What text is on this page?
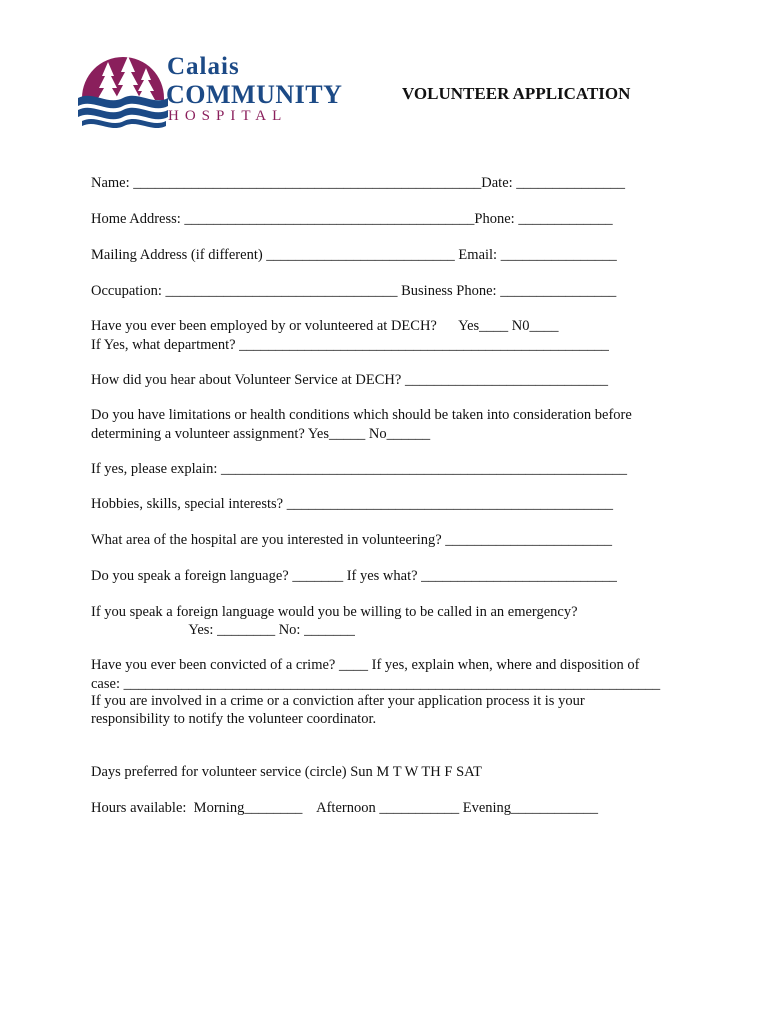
Calais
COMMUNITY
HOSPITAL
VOLUNTEER APPLICATION
Name: ________________________________________________Date: _______________
Home Address: ________________________________________Phone: _____________
Mailing Address (if different) __________________________ Email: ________________
Occupation: ________________________________ Business Phone: ________________
Have you ever been employed by or volunteered at DECH?      Yes____ N0____
If Yes, what department? ___________________________________________________
How did you hear about Volunteer Service at DECH? ____________________________
Do you have limitations or health conditions which should be taken into consideration before
determining a volunteer assignment? Yes_____ No______
If yes, please explain: ________________________________________________________
Hobbies, skills, special interests? _____________________________________________
What area of the hospital are you interested in volunteering? _______________________
Do you speak a foreign language? _______ If yes what? ___________________________
If you speak a foreign language would you be willing to be called in an emergency?
Yes: ________ No: _______
Have you ever been convicted of a crime? ____ If yes, explain when, where and disposition of
case: __________________________________________________________________________
If you are involved in a crime or a conviction after your application process it is your
responsibility to notify the volunteer coordinator.
Days preferred for volunteer service (circle) Sun M T W TH F SAT
Hours available:  Morning________    Afternoon ___________ Evening____________
